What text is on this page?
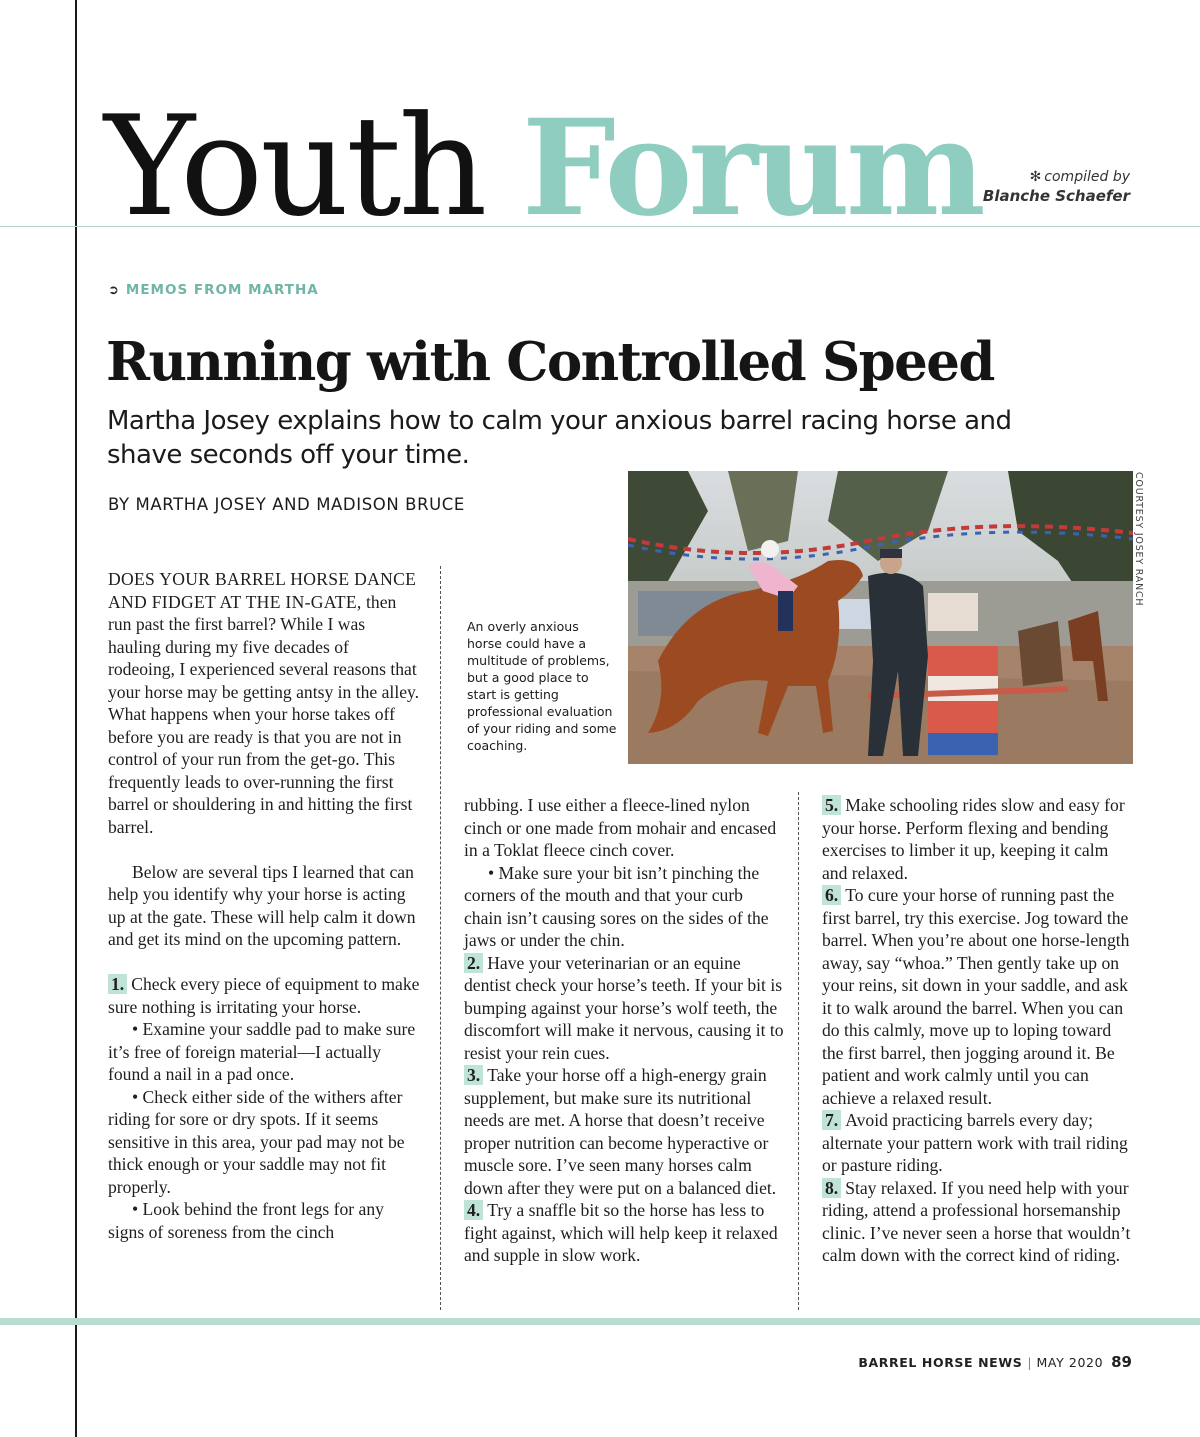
Youth Forum	✻ compiled by
Blanche Schaefer
➲ MEMOS FROM MARTHA
Running with Controlled Speed
Martha Josey explains how to calm your anxious barrel racing horse and shave seconds off your time.
BY MARTHA JOSEY AND MADISON BRUCE	COURTESY JOSEY RANCH
An overly anxious horse could have a multitude of problems, but a good place to start is getting professional evaluation of your riding and some coaching.

DOES YOUR BARREL HORSE DANCE AND FIDGET AT THE IN-GATE, then run past the first barrel? While I was hauling during my five decades of rodeoing, I experienced several reasons that your horse may be getting antsy in the alley. What happens when your horse takes off before you are ready is that you are not in control of your run from the get-go. This frequently leads to over-running the first barrel or shouldering in and hitting the first barrel.

Below are several tips I learned that can help you identify why your horse is acting up at the gate. These will help calm it down and get its mind on the upcoming pattern.

1. Check every piece of equipment to make sure nothing is irritating your horse.

• Examine your saddle pad to make sure it’s free of foreign material—I actually found a nail in a pad once.

• Check either side of the withers after riding for sore or dry spots. If it seems sensitive in this area, your pad may not be thick enough or your saddle may not fit properly.

• Look behind the front legs for any signs of soreness from the cinch

rubbing. I use either a fleece-lined nylon cinch or one made from mohair and encased in a Toklat fleece cinch cover.

• Make sure your bit isn’t pinching the corners of the mouth and that your curb chain isn’t causing sores on the sides of the jaws or under the chin.

2. Have your veterinarian or an equine dentist check your horse’s teeth. If your bit is bumping against your horse’s wolf teeth, the discomfort will make it nervous, causing it to resist your rein cues.

3. Take your horse off a high-energy grain supplement, but make sure its nutritional needs are met. A horse that doesn’t receive proper nutrition can become hyperactive or muscle sore. I’ve seen many horses calm down after they were put on a balanced diet.

4. Try a snaffle bit so the horse has less to fight against, which will help keep it relaxed and supple in slow work.

5. Make schooling rides slow and easy for your horse. Perform flexing and bending exercises to limber it up, keeping it calm and relaxed.

6. To cure your horse of running past the first barrel, try this exercise. Jog toward the barrel. When you’re about one horse-length away, say “whoa.” Then gently take up on your reins, sit down in your saddle, and ask it to walk around the barrel. When you can do this calmly, move up to loping toward the first barrel, then jogging around it. Be patient and work calmly until you can achieve a relaxed result.

7. Avoid practicing barrels every day; alternate your pattern work with trail riding or pasture riding.

8. Stay relaxed. If you need help with your riding, attend a professional horsemanship clinic. I’ve never seen a horse that wouldn’t calm down with the correct kind of riding.

BARREL HORSE NEWS | MAY 2020 89
